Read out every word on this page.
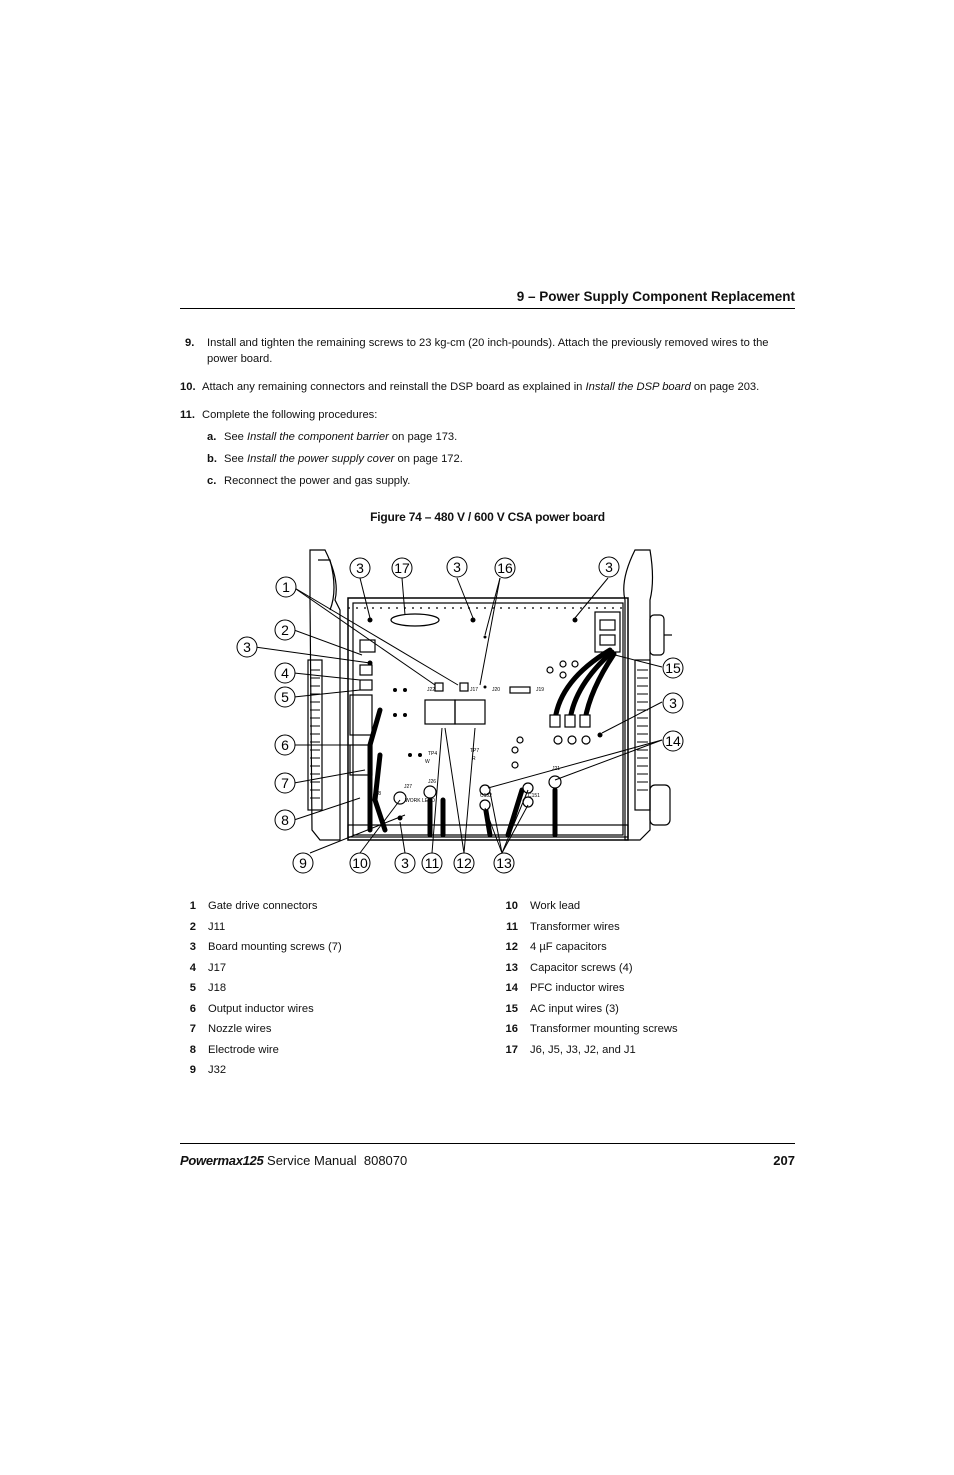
9 – Power Supply Component Replacement
9. Install and tighten the remaining screws to 23 kg-cm (20 inch-pounds). Attach the previously removed wires to the
power board.
10. Attach any remaining connectors and reinstall the DSP board as explained in Install the DSP board on page 203.
11. Complete the following procedures:
a. See Install the component barrier on page 173.
b. See Install the power supply cover on page 172.
c. Reconnect the power and gas supply.
Figure 74 – 480 V / 600 V CSA power board
J22	J17	J20	J19
J21
J27
J26
J28	C152	C151
TP4
W
TP7
R
WORK LEAD
1
2
3
4
5
6
7
8
9	10 3 11 12 13
3 17	3	16	3
15
3
14
1 Gate drive connectors
2 J11
3 Board mounting screws (7)
4 J17
5 J18
6 Output inductor wires
7 Nozzle wires
8 Electrode wire
9 J32
10 Work lead
11 Transformer wires
12 4 µF capacitors
13 Capacitor screws (4)
14 PFC inductor wires
15 AC input wires (3)
16 Transformer mounting screws
17 J6, J5, J3, J2, and J1
Powermax125 Service Manual  808070	207
